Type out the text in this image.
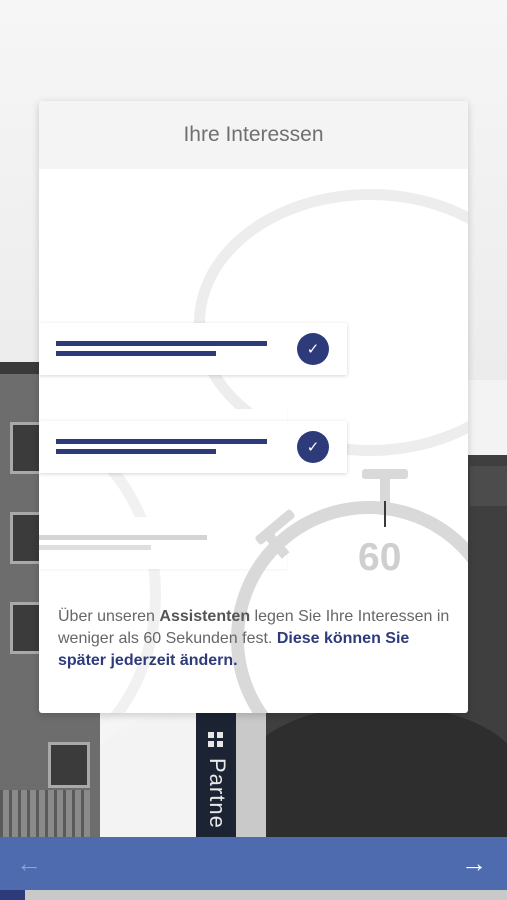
Partne
Ihre Interessen
✓
✓
60
Über unseren Assistenten legen Sie Ihre Interessen in weniger als 60 Sekunden fest. Diese können Sie später jederzeit ändern.
←	→
